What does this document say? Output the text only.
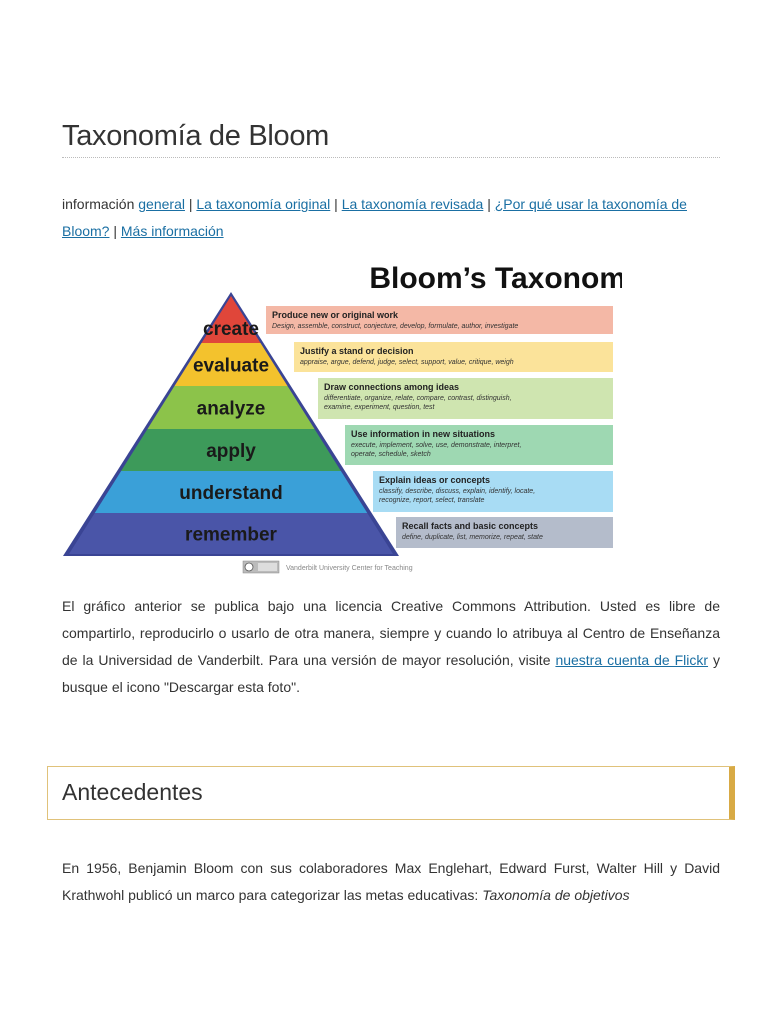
Taxonomía de Bloom
información general | La taxonomía original | La taxonomía revisada | ¿Por qué usar la taxonomía de Bloom? | Más información
Bloom’s Taxonomy
create
Produce new or original work
Design, assemble, construct, conjecture, develop, formulate, author, investigate
evaluate
Justify a stand or decision
appraise, argue, defend, judge, select, support, value, critique, weigh
analyze
Draw connections among ideas
differentiate, organize, relate, compare, contrast, distinguish, examine, experiment, question, test
apply
Use information in new situations
execute, implement, solve, use, demonstrate, interpret, operate, schedule, sketch
understand
Explain ideas or concepts
classify, describe, discuss, explain, identify, locate, recognize, report, select, translate
remember	Recall facts and basic concepts
define, duplicate, list, memorize, repeat, state
Vanderbilt University Center for Teaching

El gráfico anterior se publica bajo una licencia Creative Commons Attribution. Usted es libre de compartirlo, reproducirlo o usarlo de otra manera, siempre y cuando lo atribuya al Centro de Enseñanza de la Universidad de Vanderbilt. Para una versión de mayor resolución, visite nuestra cuenta de Flickr y busque el icono "Descargar esta foto".

Antecedentes

En 1956, Benjamin Bloom con sus colaboradores Max Englehart, Edward Furst, Walter Hill y David Krathwohl publicó un marco para categorizar las metas educativas: Taxonomía de objetivos
